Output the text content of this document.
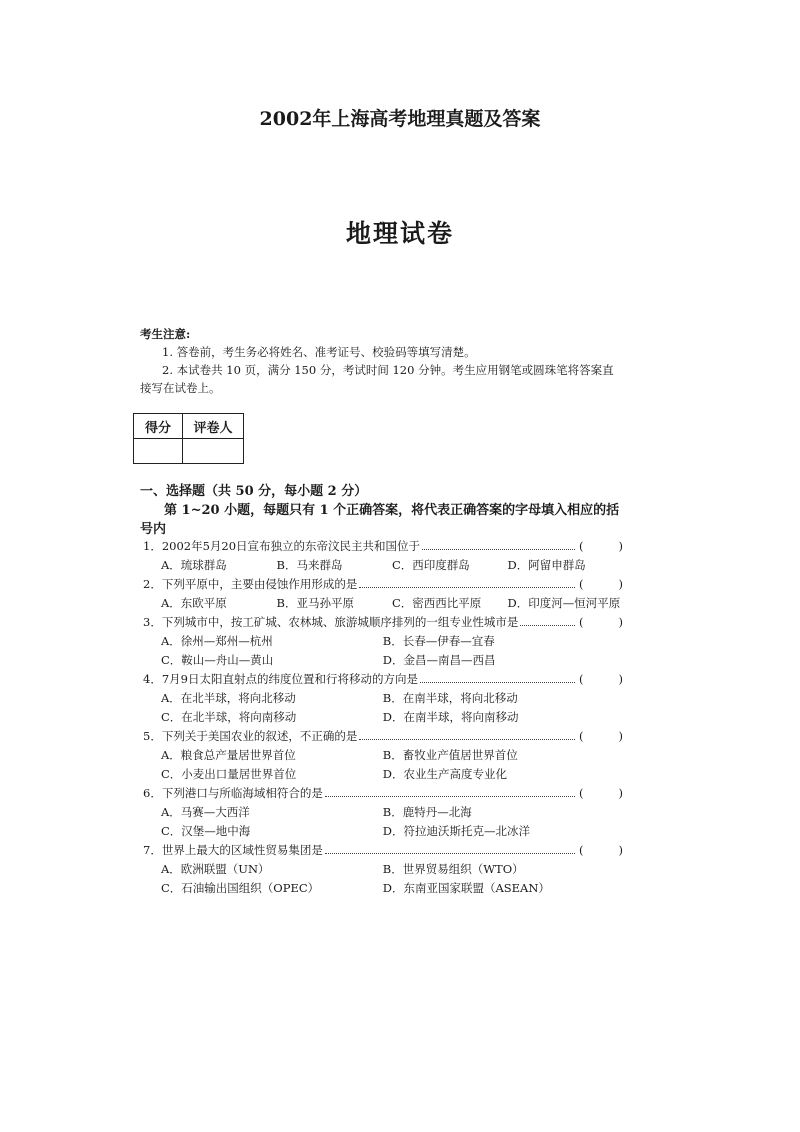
2002年上海高考地理真题及答案
地理试卷
考生注意:
1. 答卷前，考生务必将姓名、准考证号、校验码等填写清楚。
2. 本试卷共 10 页，满分 150 分，考试时间 120 分钟。考生应用钢笔或圆珠笔将答案直接写在试卷上。
得分	评卷人

一、选择题（共 50 分，每小题 2 分）
第 1~20 小题，每题只有 1 个正确答案，将代表正确答案的字母填入相应的括号内
1．2002年5月20日宣布独立的东帝汶民主共和国位于	(	)
A．琉球群岛	B．马来群岛	C．西印度群岛	D．阿留申群岛
2．下列平原中，主要由侵蚀作用形成的是	(	)
A．东欧平原	B．亚马孙平原	C．密西西比平原	D．印度河—恒河平原
3．下列城市中，按工矿城、农林城、旅游城顺序排列的一组专业性城市是	(	)
A．徐州—郑州—杭州	B．长春—伊春—宜春
C．鞍山—舟山—黄山	D．金昌—南昌—西昌
4．7月9日太阳直射点的纬度位置和行将移动的方向是	(	)
A．在北半球，将向北移动	B．在南半球，将向北移动
C．在北半球，将向南移动	D．在南半球，将向南移动
5．下列关于美国农业的叙述，不正确的是	(	)
A．粮食总产量居世界首位	B．畜牧业产值居世界首位
C．小麦出口量居世界首位	D．农业生产高度专业化
6．下列港口与所临海域相符合的是	(	)
A．马赛—大西洋	B．鹿特丹—北海
C．汉堡—地中海	D．符拉迪沃斯托克—北冰洋
7．世界上最大的区域性贸易集团是	(	)
A．欧洲联盟（UN）	B．世界贸易组织（WTO）
C．石油输出国组织（OPEC）	D．东南亚国家联盟（ASEAN）
